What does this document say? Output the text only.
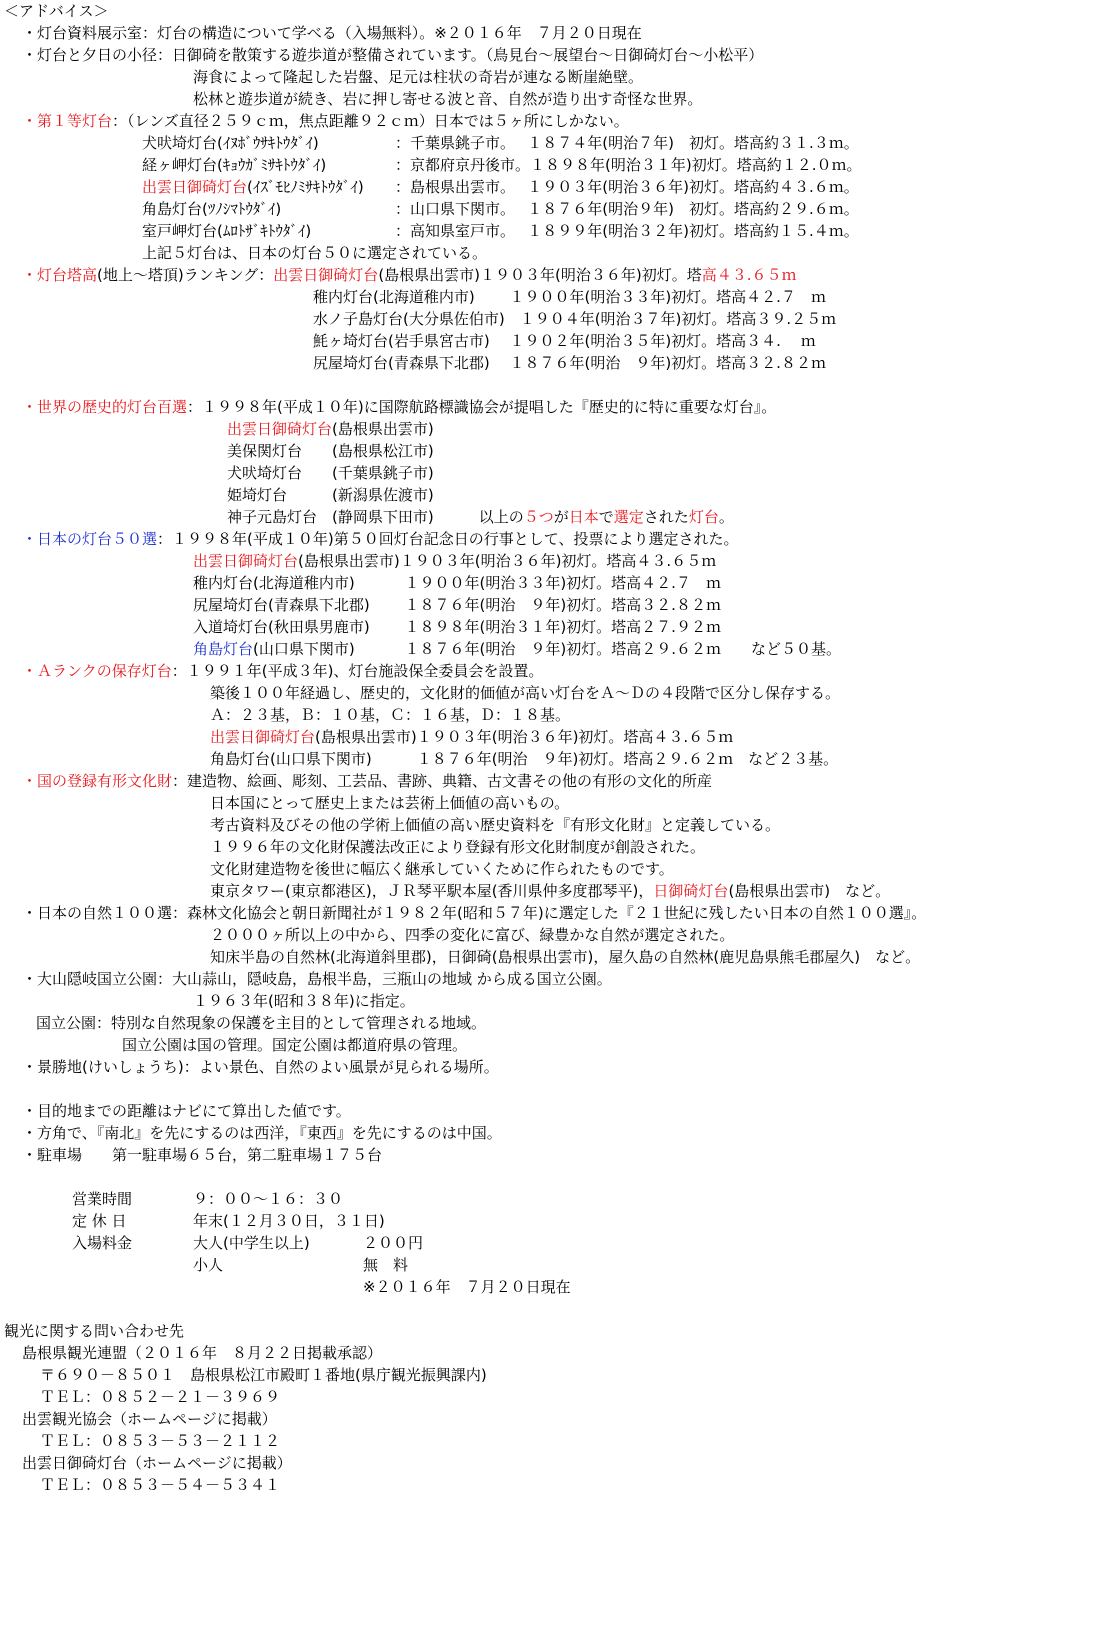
＜アドバイス＞
・灯台資料展示室：灯台の構造について学べる（入場無料）。※２０１６年　７月２０日現在
・灯台と夕日の小径：日御碕を散策する遊歩道が整備されています。（鳥見台～展望台～日御碕灯台～小松平）
海食によって隆起した岩盤、足元は柱状の奇岩が連なる断崖絶壁。
松林と遊歩道が続き、岩に押し寄せる波と音、自然が造り出す奇怪な世界。
・第１等灯台：（レンズ直径２５９ｃｍ，焦点距離９２ｃｍ）日本では５ヶ所にしかない。
犬吠埼灯台(ｲﾇﾎﾞｳｻｷﾄｳﾀﾞｲ)	：千葉県銚子市。　 １８７４年(明治７年)　初灯。塔高約３１.３ｍ。
経ヶ岬灯台(ｷｮｳｶﾞﾐｻｷﾄｳﾀﾞｲ)	：京都府京丹後市。１８９８年(明治３１年)初灯。塔高約１２.０ｍ。
出雲日御碕灯台(ｲｽﾞﾓﾋﾉﾐｻｷﾄｳﾀﾞｲ) ：島根県出雲市。　 １９０３年(明治３６年)初灯。塔高約４３.６ｍ。
角島灯台(ﾂﾉｼﾏﾄｳﾀﾞｲ)	：山口県下関市。　 １８７６年(明治９年)　初灯。塔高約２９.６ｍ。
室戸岬灯台(ﾑﾛﾄｻﾞｷﾄｳﾀﾞｲ)	：高知県室戸市。　 １８９９年(明治３２年)初灯。塔高約１５.４ｍ。
上記５灯台は、日本の灯台５０に選定されている。
・灯台塔高(地上～塔頂)ランキング：出雲日御碕灯台(島根県出雲市)１９０３年(明治３６年)初灯。塔高４３.６５ｍ
稚内灯台(北海道稚内市)　　 １９００年(明治３３年)初灯。塔高４２.７　ｍ
水ノ子島灯台(大分県佐伯市)　１９０４年(明治３７年)初灯。塔高３９.２５ｍ
魹ヶ埼灯台(岩手県宮古市)　 １９０２年(明治３５年)初灯。塔高３４.　 ｍ
尻屋埼灯台(青森県下北郡)　 １８７６年(明治　９年)初灯。塔高３２.８２ｍ
・世界の歴史的灯台百選：１９９８年(平成１０年)に国際航路標識協会が提唱した『歴史的に特に重要な灯台』。
出雲日御碕灯台(島根県出雲市)
美保関灯台　　(島根県松江市)
犬吠埼灯台　　(千葉県銚子市)
姫埼灯台　　　(新潟県佐渡市)
神子元島灯台　(静岡県下田市)　　　以上の５つが日本で選定された灯台。
・日本の灯台５０選：１９９８年(平成１０年)第５０回灯台記念日の行事として、投票により選定された。
出雲日御碕灯台(島根県出雲市)１９０３年(明治３６年)初灯。塔高４３.６５ｍ
稚内灯台(北海道稚内市)　　　 １９００年(明治３３年)初灯。塔高４２.７　ｍ
尻屋埼灯台(青森県下北郡)　　 １８７６年(明治　９年)初灯。塔高３２.８２ｍ
入道埼灯台(秋田県男鹿市)　　 １８９８年(明治３１年)初灯。塔高２７.９２ｍ
角島灯台(山口県下関市)　　　 １８７６年(明治　９年)初灯。塔高２９.６２ｍ　　など５０基。
・Ａランクの保存灯台：１９９１年(平成３年)、灯台施設保全委員会を設置。
築後１００年経過し、歴史的，文化財的価値が高い灯台をＡ～Ｄの４段階で区分し保存する。
Ａ：２３基，Ｂ：１０基，Ｃ：１６基，Ｄ：１８基。
出雲日御碕灯台(島根県出雲市)１９０３年(明治３６年)初灯。塔高４３.６５ｍ
角島灯台(山口県下関市)　　　１８７６年(明治　９年)初灯。塔高２９.６２ｍ　など２３基。
・国の登録有形文化財：建造物、絵画、彫刻、工芸品、書跡、典籍、古文書その他の有形の文化的所産
日本国にとって歴史上または芸術上価値の高いもの。
考古資料及びその他の学術上価値の高い歴史資料を『有形文化財』と定義している。
１９９６年の文化財保護法改正により登録有形文化財制度が創設された。
文化財建造物を後世に幅広く継承していくために作られたものです。
東京タワー(東京都港区)，ＪＲ琴平駅本屋(香川県仲多度郡琴平)，日御碕灯台(島根県出雲市)　など。
・日本の自然１００選：森林文化協会と朝日新聞社が１９８２年(昭和５７年)に選定した『２１世紀に残したい日本の自然１００選』。
２０００ヶ所以上の中から、四季の変化に富び、緑豊かな自然が選定された。
知床半島の自然林(北海道斜里郡)，日御碕(島根県出雲市)，屋久島の自然林(鹿児島県熊毛郡屋久)　など。
・大山隠岐国立公園：大山蒜山，隠岐島，島根半島，三瓶山の地域 から成る国立公園。
１９６３年(昭和３８年)に指定。
国立公園：特別な自然現象の保護を主目的として管理される地域。
国立公園は国の管理。国定公園は都道府県の管理。
・景勝地(けいしょうち)：よい景色、自然のよい風景が見られる場所。
・目的地までの距離はナビにて算出した値です。
・方角で、『南北』を先にするのは西洋，『東西』を先にするのは中国。
・駐車場　　第一駐車場６５台，第二駐車場１７５台
営業時間	９：００～１６：３０
定 休 日	年末(１２月３０日，３１日)
入場料金	大人(中学生以上)	２００円
小人	無　料
※２０１６年　７月２０日現在
観光に関する問い合わせ先
島根県観光連盟（２０１６年　８月２２日掲載承認）
〒６９０－８５０１　島根県松江市殿町１番地(県庁観光振興課内)
ＴＥＬ：０８５２－２１－３９６９
出雲観光協会（ホームページに掲載）
ＴＥＬ：０８５３－５３－２１１２
出雲日御碕灯台（ホームページに掲載）
ＴＥＬ：０８５３－５４－５３４１
